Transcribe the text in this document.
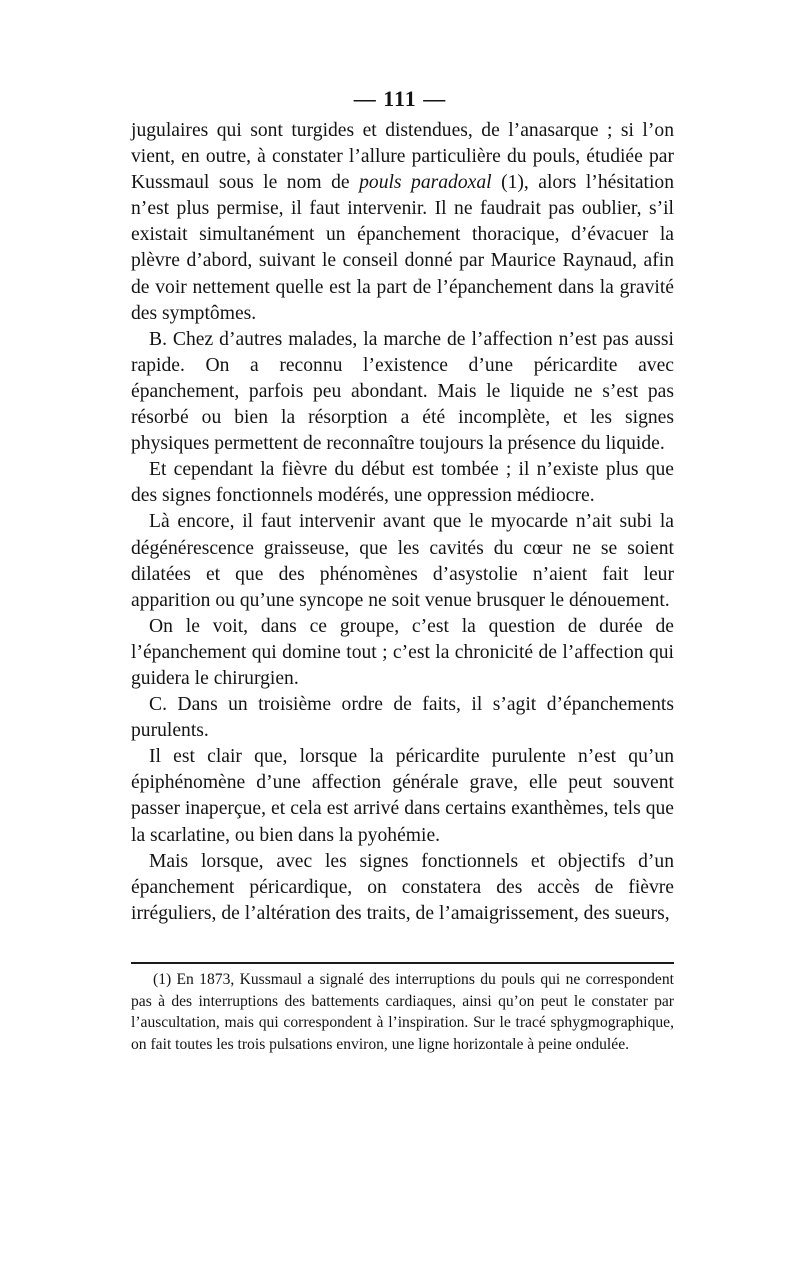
— 111 —

jugulaires qui sont turgides et distendues, de l’anasarque ; si l’on vient, en outre, à constater l’allure particulière du pouls, étudiée par Kussmaul sous le nom de pouls paradoxal (1), alors l’hésitation n’est plus permise, il faut intervenir. Il ne faudrait pas oublier, s’il existait simultanément un épanchement thoracique, d’évacuer la plèvre d’abord, suivant le conseil donné par Maurice Raynaud, afin de voir nettement quelle est la part de l’épanchement dans la gravité des symptômes.

B. Chez d’autres malades, la marche de l’affection n’est pas aussi rapide. On a reconnu l’existence d’une péricardite avec épanchement, parfois peu abondant. Mais le liquide ne s’est pas résorbé ou bien la résorption a été incomplète, et les signes physiques permettent de reconnaître toujours la présence du liquide.

Et cependant la fièvre du début est tombée ; il n’existe plus que des signes fonctionnels modérés, une oppression médiocre.

Là encore, il faut intervenir avant que le myocarde n’ait subi la dégénérescence graisseuse, que les cavités du cœur ne se soient dilatées et que des phénomènes d’asystolie n’aient fait leur apparition ou qu’une syncope ne soit venue brusquer le dénouement.

On le voit, dans ce groupe, c’est la question de durée de l’épanchement qui domine tout ; c’est la chronicité de l’affection qui guidera le chirurgien.

C. Dans un troisième ordre de faits, il s’agit d’épanchements purulents.

Il est clair que, lorsque la péricardite purulente n’est qu’un épiphénomène d’une affection générale grave, elle peut souvent passer inaperçue, et cela est arrivé dans certains exanthèmes, tels que la scarlatine, ou bien dans la pyohémie.

Mais lorsque, avec les signes fonctionnels et objectifs d’un épanchement péricardique, on constatera des accès de fièvre irréguliers, de l’altération des traits, de l’amaigrissement, des sueurs,

(1) En 1873, Kussmaul a signalé des interruptions du pouls qui ne correspondent pas à des interruptions des battements cardiaques, ainsi qu’on peut le constater par l’auscultation, mais qui correspondent à l’inspiration. Sur le tracé sphygmographique, on fait toutes les trois pulsations environ, une ligne horizontale à peine ondulée.
